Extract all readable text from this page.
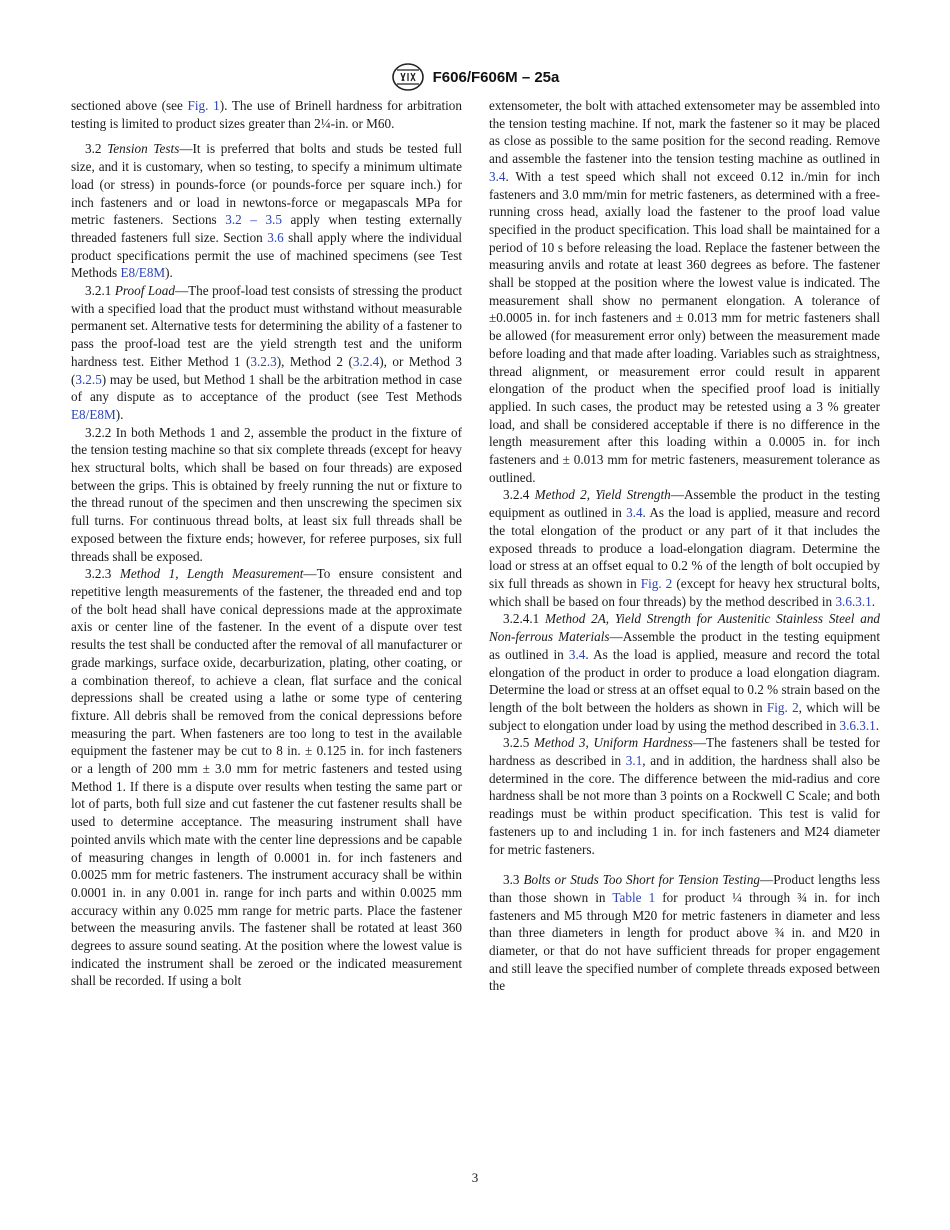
F606/F606M – 25a

sectioned above (see Fig. 1). The use of Brinell hardness for arbitration testing is limited to product sizes greater than 2¼-in. or M60.

3.2 Tension Tests—It is preferred that bolts and studs be tested full size, and it is customary, when so testing, to specify a minimum ultimate load (or stress) in pounds-force (or pounds-force per square inch.) for inch fasteners and or load in newtons-force or megapascals MPa for metric fasteners. Sections 3.2 – 3.5 apply when testing externally threaded fasteners full size. Section 3.6 shall apply where the individual product specifications permit the use of machined specimens (see Test Methods E8/E8M).

3.2.1 Proof Load—The proof-load test consists of stressing the product with a specified load that the product must withstand without measurable permanent set. Alternative tests for determining the ability of a fastener to pass the proof-load test are the yield strength test and the uniform hardness test. Either Method 1 (3.2.3), Method 2 (3.2.4), or Method 3 (3.2.5) may be used, but Method 1 shall be the arbitration method in case of any dispute as to acceptance of the product (see Test Methods E8/E8M).

3.2.2 In both Methods 1 and 2, assemble the product in the fixture of the tension testing machine so that six complete threads (except for heavy hex structural bolts, which shall be based on four threads) are exposed between the grips. This is obtained by freely running the nut or fixture to the thread runout of the specimen and then unscrewing the specimen six full turns. For continuous thread bolts, at least six full threads shall be exposed between the fixture ends; however, for referee purposes, six full threads shall be exposed.

3.2.3 Method 1, Length Measurement—To ensure consistent and repetitive length measurements of the fastener, the threaded end and top of the bolt head shall have conical depressions made at the approximate axis or center line of the fastener. In the event of a dispute over test results the test shall be conducted after the removal of all manufacturer or grade markings, surface oxide, decarburization, plating, other coating, or a combination thereof, to achieve a clean, flat surface and the conical depressions shall be created using a lathe or some type of centering fixture. All debris shall be removed from the conical depressions before measuring the part. When fasteners are too long to test in the available equipment the fastener may be cut to 8 in. ± 0.125 in. for inch fasteners or a length of 200 mm ± 3.0 mm for metric fasteners and tested using Method 1. If there is a dispute over results when testing the same part or lot of parts, both full size and cut fastener the cut fastener results shall be used to determine acceptance. The measuring instrument shall have pointed anvils which mate with the center line depressions and be capable of measuring changes in length of 0.0001 in. for inch fasteners and 0.0025 mm for metric fasteners. The instrument accuracy shall be within 0.0001 in. in any 0.001 in. range for inch parts and within 0.0025 mm accuracy within any 0.025 mm range for metric parts. Place the fastener between the measuring anvils. The fastener shall be rotated at least 360 degrees to assure sound seating. At the position where the lowest value is indicated the instrument shall be zeroed or the indicated measurement shall be recorded. If using a bolt

extensometer, the bolt with attached extensometer may be assembled into the tension testing machine. If not, mark the fastener so it may be placed as close as possible to the same position for the second reading. Remove and assemble the fastener into the tension testing machine as outlined in 3.4. With a test speed which shall not exceed 0.12 in./min for inch fasteners and 3.0 mm/min for metric fasteners, as determined with a free-running cross head, axially load the fastener to the proof load value specified in the product specification. This load shall be maintained for a period of 10 s before releasing the load. Replace the fastener between the measuring anvils and rotate at least 360 degrees as before. The fastener shall be stopped at the position where the lowest value is indicated. The measurement shall show no permanent elongation. A tolerance of ±0.0005 in. for inch fasteners and ± 0.013 mm for metric fasteners shall be allowed (for measurement error only) between the measurement made before loading and that made after loading. Variables such as straightness, thread alignment, or measurement error could result in apparent elongation of the product when the specified proof load is initially applied. In such cases, the product may be retested using a 3 % greater load, and shall be considered acceptable if there is no difference in the length measurement after this loading within a 0.0005 in. for inch fasteners and ± 0.013 mm for metric fasteners, measurement tolerance as outlined.

3.2.4 Method 2, Yield Strength—Assemble the product in the testing equipment as outlined in 3.4. As the load is applied, measure and record the total elongation of the product or any part of it that includes the exposed threads to produce a load-elongation diagram. Determine the load or stress at an offset equal to 0.2 % of the length of bolt occupied by six full threads as shown in Fig. 2 (except for heavy hex structural bolts, which shall be based on four threads) by the method described in 3.6.3.1.

3.2.4.1 Method 2A, Yield Strength for Austenitic Stainless Steel and Non-ferrous Materials—Assemble the product in the testing equipment as outlined in 3.4. As the load is applied, measure and record the total elongation of the product in order to produce a load elongation diagram. Determine the load or stress at an offset equal to 0.2 % strain based on the length of the bolt between the holders as shown in Fig. 2, which will be subject to elongation under load by using the method described in 3.6.3.1.

3.2.5 Method 3, Uniform Hardness—The fasteners shall be tested for hardness as described in 3.1, and in addition, the hardness shall also be determined in the core. The difference between the mid-radius and core hardness shall be not more than 3 points on a Rockwell C Scale; and both readings must be within product specification. This test is valid for fasteners up to and including 1 in. for inch fasteners and M24 diameter for metric fasteners.

3.3 Bolts or Studs Too Short for Tension Testing—Product lengths less than those shown in Table 1 for product ¼ through ¾ in. for inch fasteners and M5 through M20 for metric fasteners in diameter and less than three diameters in length for product above ¾ in. and M20 in diameter, or that do not have sufficient threads for proper engagement and still leave the specified number of complete threads exposed between the

3
